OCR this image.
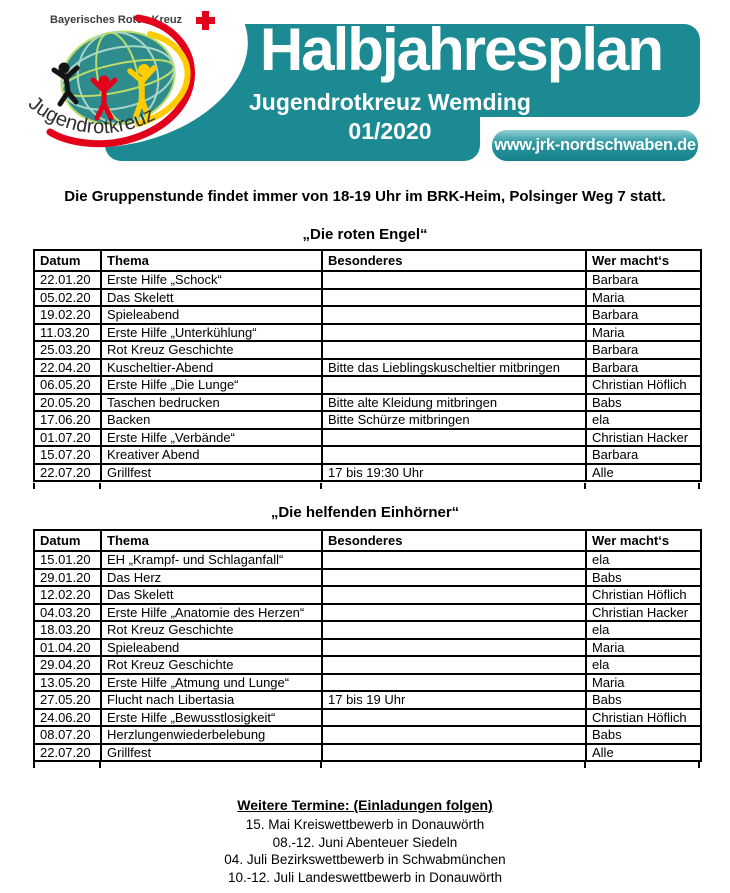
Bayerisches Rotes Kreuz
Jugendrotkreuz
Halbjahresplan
Jugendrotkreuz Wemding
01/2020
www.jrk-nordschwaben.de

Die Gruppenstunde findet immer von 18-19 Uhr im BRK-Heim, Polsinger Weg 7 statt.

„Die roten Engel“
Datum	Thema	Besonderes	Wer macht‘s
22.01.20	Erste Hilfe „Schock“		Barbara
05.02.20	Das Skelett		Maria
19.02.20	Spieleabend		Barbara
11.03.20	Erste Hilfe „Unterkühlung“		Maria
25.03.20	Rot Kreuz Geschichte		Barbara
22.04.20	Kuscheltier-Abend	Bitte das Lieblingskuscheltier mitbringen	Barbara
06.05.20	Erste Hilfe „Die Lunge“		Christian Höflich
20.05.20	Taschen bedrucken	Bitte alte Kleidung mitbringen	Babs
17.06.20	Backen	Bitte Schürze mitbringen	ela
01.07.20	Erste Hilfe „Verbände“		Christian Hacker
15.07.20	Kreativer Abend		Barbara
22.07.20	Grillfest	17 bis 19:30 Uhr	Alle
„Die helfenden Einhörner“
Datum	Thema	Besonderes	Wer macht‘s
15.01.20	EH „Krampf- und Schlaganfall“		ela
29.01.20	Das Herz		Babs
12.02.20	Das Skelett		Christian Höflich
04.03.20	Erste Hilfe „Anatomie des Herzen“		Christian Hacker
18.03.20	Rot Kreuz Geschichte		ela
01.04.20	Spieleabend		Maria
29.04.20	Rot Kreuz Geschichte		ela
13.05.20	Erste Hilfe „Atmung und Lunge“		Maria
27.05.20	Flucht nach Libertasia	17 bis 19 Uhr	Babs
24.06.20	Erste Hilfe „Bewusstlosigkeit“		Christian Höflich
08.07.20	Herzlungenwiederbelebung		Babs
22.07.20	Grillfest		Alle
Weitere Termine: (Einladungen folgen)
15. Mai Kreiswettbewerb in Donauwörth
08.-12. Juni Abenteuer Siedeln
04. Juli Bezirkswettbewerb in Schwabmünchen
10.-12. Juli Landeswettbewerb in Donauwörth
